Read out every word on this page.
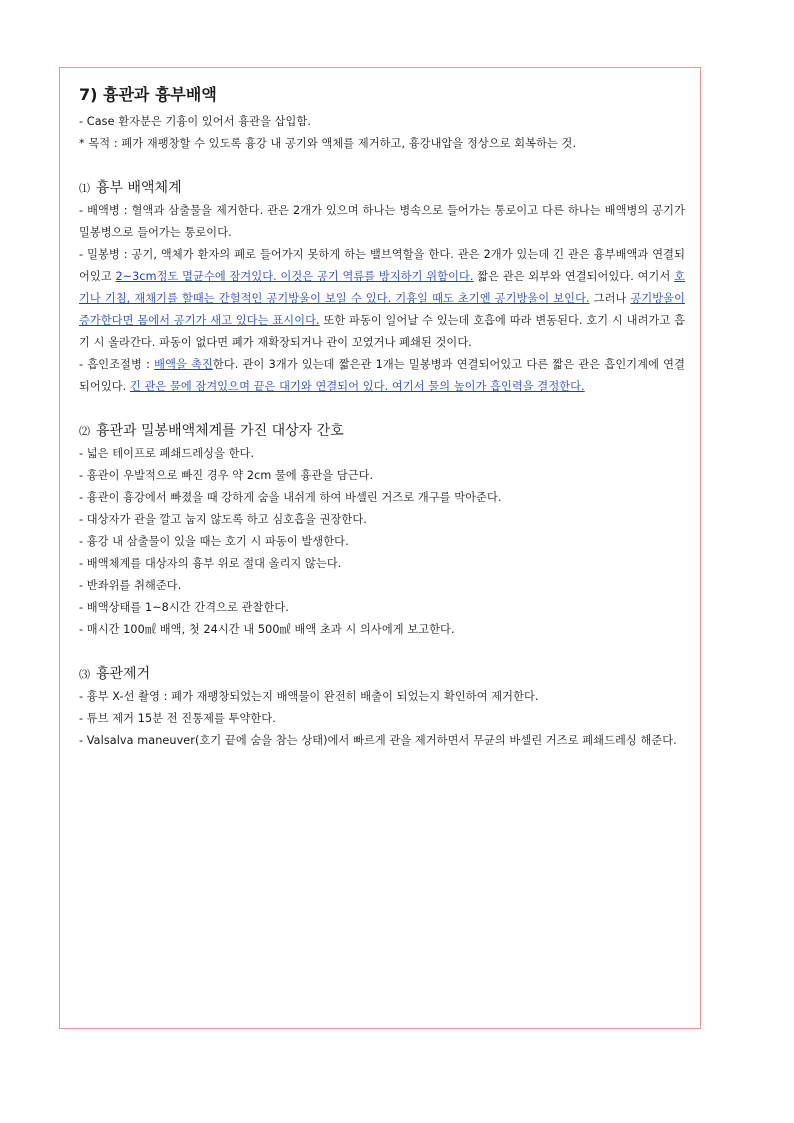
7) 흉관과 흉부배액

- Case 환자분은 기흉이 있어서 흉관을 삽입함.

* 목적 : 폐가 재팽창할 수 있도록 흉강 내 공기와 액체를 제거하고, 흉강내압을 정상으로 회복하는 것.

⑴ 흉부 배액체계

- 배액병 : 혈액과 삼출물을 제거한다. 관은 2개가 있으며 하나는 병속으로 들어가는 통로이고 다른 하나는 배액병의 공기가 밀봉병으로 들어가는 통로이다.

- 밀봉병 : 공기, 액체가 환자의 폐로 들어가지 못하게 하는 밸브역할을 한다. 관은 2개가 있는데 긴 관은 흉부배액과 연결되어있고 2~3cm정도 멸균수에 잠겨있다. 이것은 공기 역류를 방지하기 위함이다. 짧은 관은 외부와 연결되어있다. 여기서 호기나 기침, 재채기를 할때는 간헐적인 공기방울이 보일 수 있다. 기흉일 때도 초기엔 공기방울이 보인다. 그러나 공기방울이 증가한다면 몸에서 공기가 새고 있다는 표시이다. 또한 파동이 일어날 수 있는데 호흡에 따라 변동된다. 호기 시 내려가고 흡기 시 올라간다. 파동이 없다면 폐가 재확장되거나 관이 꼬였거나 폐쇄된 것이다.

- 흡인조절병 : 배액을 촉진한다. 관이 3개가 있는데 짧은관 1개는 밀봉병과 연결되어있고 다른 짧은 관은 흡인기계에 연결 되어있다. 긴 관은 물에 잠겨있으며 끝은 대기와 연결되어 있다. 여기서 물의 높이가 흡인력을 결정한다.

⑵ 흉관과 밀봉배액체계를 가진 대상자 간호

- 넓은 테이프로 폐쇄드레싱을 한다.

- 흉관이 우발적으로 빠진 경우 약 2cm 물에 흉관을 담근다.

- 흉관이 흉강에서 빠졌을 때 강하게 숨을 내쉬게 하여 바셀린 거즈로 개구를 막아준다.

- 대상자가 관을 깔고 눕지 않도록 하고 심호흡을 권장한다.

- 흉강 내 삼출물이 있을 때는 호기 시 파동이 발생한다.

- 배액체계를 대상자의 흉부 위로 절대 올리지 않는다.

- 반좌위를 취해준다.

- 배액상태를 1~8시간 간격으로 관찰한다.

- 매시간 100㎖ 배액, 첫 24시간 내 500㎖ 배액 초과 시 의사에게 보고한다.

⑶ 흉관제거

- 흉부 X-선 촬영 : 폐가 재팽창되었는지 배액물이 완전히 배출이 되었는지 확인하여 제거한다.

- 튜브 제거 15분 전 진통제를 투약한다.

- Valsalva maneuver(호기 끝에 숨을 참는 상태)에서 빠르게 관을 제거하면서 무균의 바셀린 거즈로 폐쇄드레싱 해준다.
